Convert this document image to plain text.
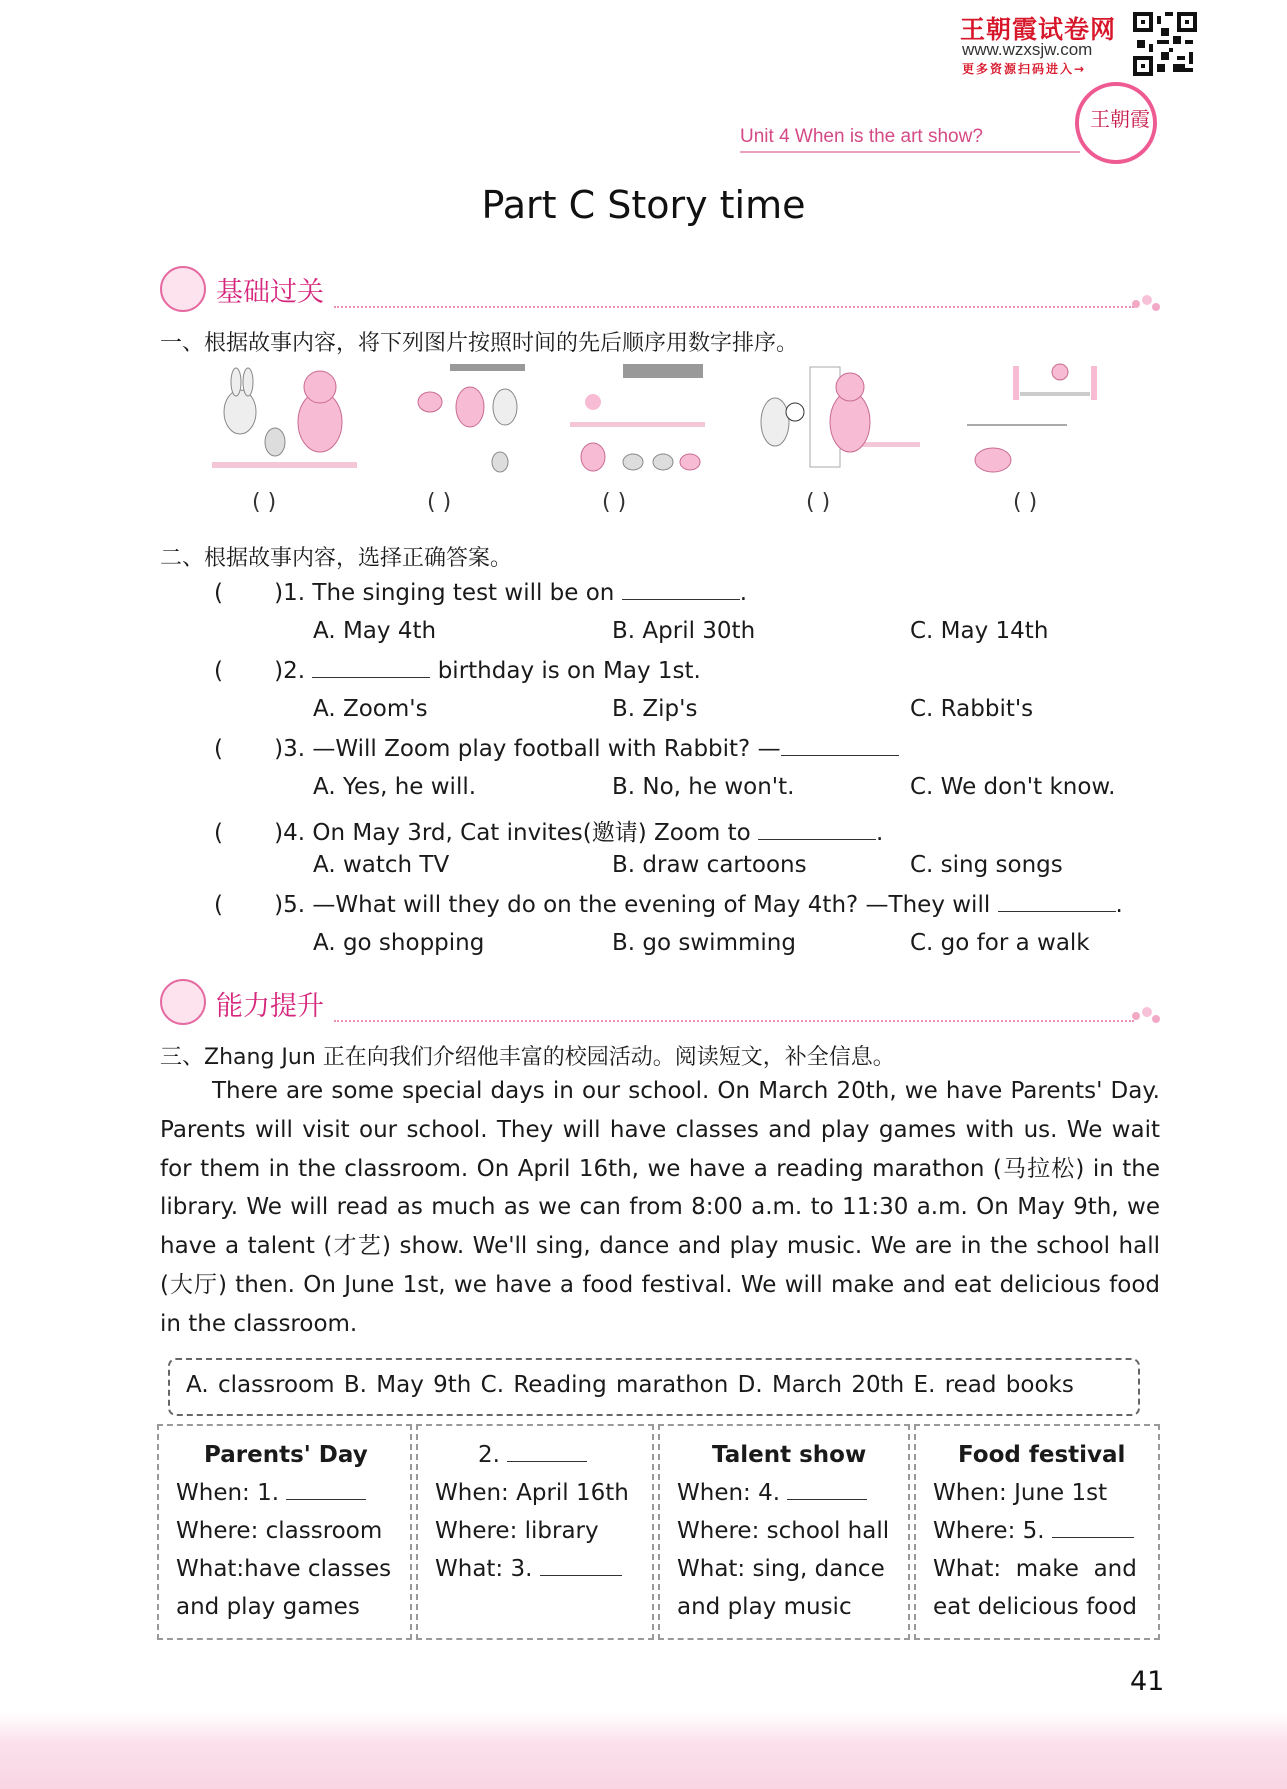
王朝霞试卷网
www.wzxsjw.com
更多资源扫码进入→
王朝霞
Unit 4 When is the art show?
Part C Story time
基础过关
一、根据故事内容，将下列图片按照时间的先后顺序用数字排序。
( )	( )	( )	( )	( )
二、根据故事内容，选择正确答案。
(       )1. The singing test will be on	.
A. May 4th	B. April 30th	C. May 14th
(       )2.	birthday is on May 1st.
A. Zoom's	B. Zip's	C. Rabbit's
(       )3. —Will Zoom play football with Rabbit? —
A. Yes, he will.	B. No, he won't.	C. We don't know.
(       )4. On May 3rd, Cat invites(邀请) Zoom to	.
A. watch TV	B. draw cartoons	C. sing songs
(       )5. —What will they do on the evening of May 4th? —They will	.
A. go shopping	B. go swimming	C. go for a walk
能力提升
三、Zhang Jun 正在向我们介绍他丰富的校园活动。阅读短文，补全信息。
There are some special days in our school. On March 20th, we have Parents' Day. Parents will visit our school. They will have classes and play games with us. We wait for them in the classroom. On April 16th, we have a reading marathon (马拉松) in the library. We will read as much as we can from 8:00 a.m. to 11:30 a.m. On May 9th, we have a talent (才艺) show. We'll sing, dance and play music. We are in the school hall (大厅) then. On June 1st, we have a food festival. We will make and eat delicious food in the classroom.
A. classroom B. May 9th C. Reading marathon D. March 20th E. read books
Parents' Day
When: 1.
Where: classroom
What:have classes
and play games
2.
When: April 16th
Where: library
What: 3.
Talent show
When: 4.
Where: school hall
What: sing, dance
and play music
Food festival
When: June 1st
Where: 5.
What:  make  and
eat delicious food
41
